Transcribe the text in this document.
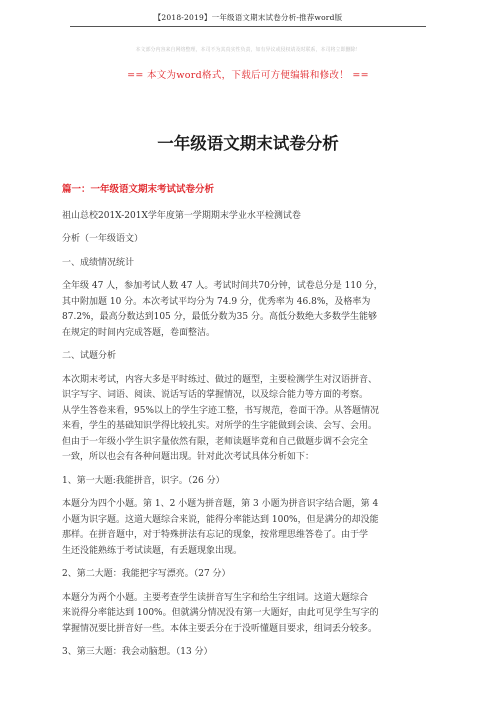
【2018-2019】一年级语文期末试卷分析-推荐word版
本文部分内容来自网络整理，本司不为其真实性负责，如有异议或侵权请及时联系，本司将立即删除！
== 本文为word格式，下载后可方便编辑和修改！ ==
一年级语文期末试卷分析
篇一：一年级语文期末考试试卷分析
祖山总校201X-201X学年度第一学期期末学业水平检测试卷
分析（一年级语文）
一、成绩情况统计
全年级 47 人，参加考试人数 47 人。考试时间共70分钟，试卷总分是 110 分，
其中附加题 10 分。本次考试平均分为 74.9 分，优秀率为 46.8%，及格率为
87.2%，最高分数达到105 分，最低分数为35 分。高低分数绝大多数学生能够
在规定的时间内完成答题，卷面整洁。
二、试题分析
本次期末考试，内容大多是平时练过、做过的题型，主要检测学生对汉语拼音、
识字写字、词语、阅读、说话写话的掌握情况，以及综合能力等方面的考察。
从学生答卷来看，95%以上的学生字迹工整，书写规范，卷面干净。从答题情况
来看，学生的基础知识学得比较扎实。对所学的生字能做到会读、会写、会用。
但由于一年级小学生识字量依然有限，老师读题毕竟和自己做题步调不会完全
一致，所以也会有各种问题出现。针对此次考试具体分析如下：
1、第一大题:我能拼音，识字。（26 分）
本题分为四个小题。第 1、2 小题为拼音题，第 3 小题为拼音识字结合题，第 4
小题为识字题。这道大题综合来说，能得分率能达到 100%，但是满分的却没能
那样。在拼音题中，对于特殊拼法有忘记的现象，按常理思维答卷了。由于学
生还没能熟练于考试读题，有丢题现象出现。
2、第二大题：我能把字写漂亮。（27 分）
本题分为两个小题。主要考查学生读拼音写生字和给生字组词。这道大题综合
来说得分率能达到 100%。但就满分情况没有第一大题好，由此可见学生写字的
掌握情况要比拼音好一些。本体主要丢分在于没听懂题目要求，组词丢分较多。
3、第三大题：我会动脑想。（13 分）
